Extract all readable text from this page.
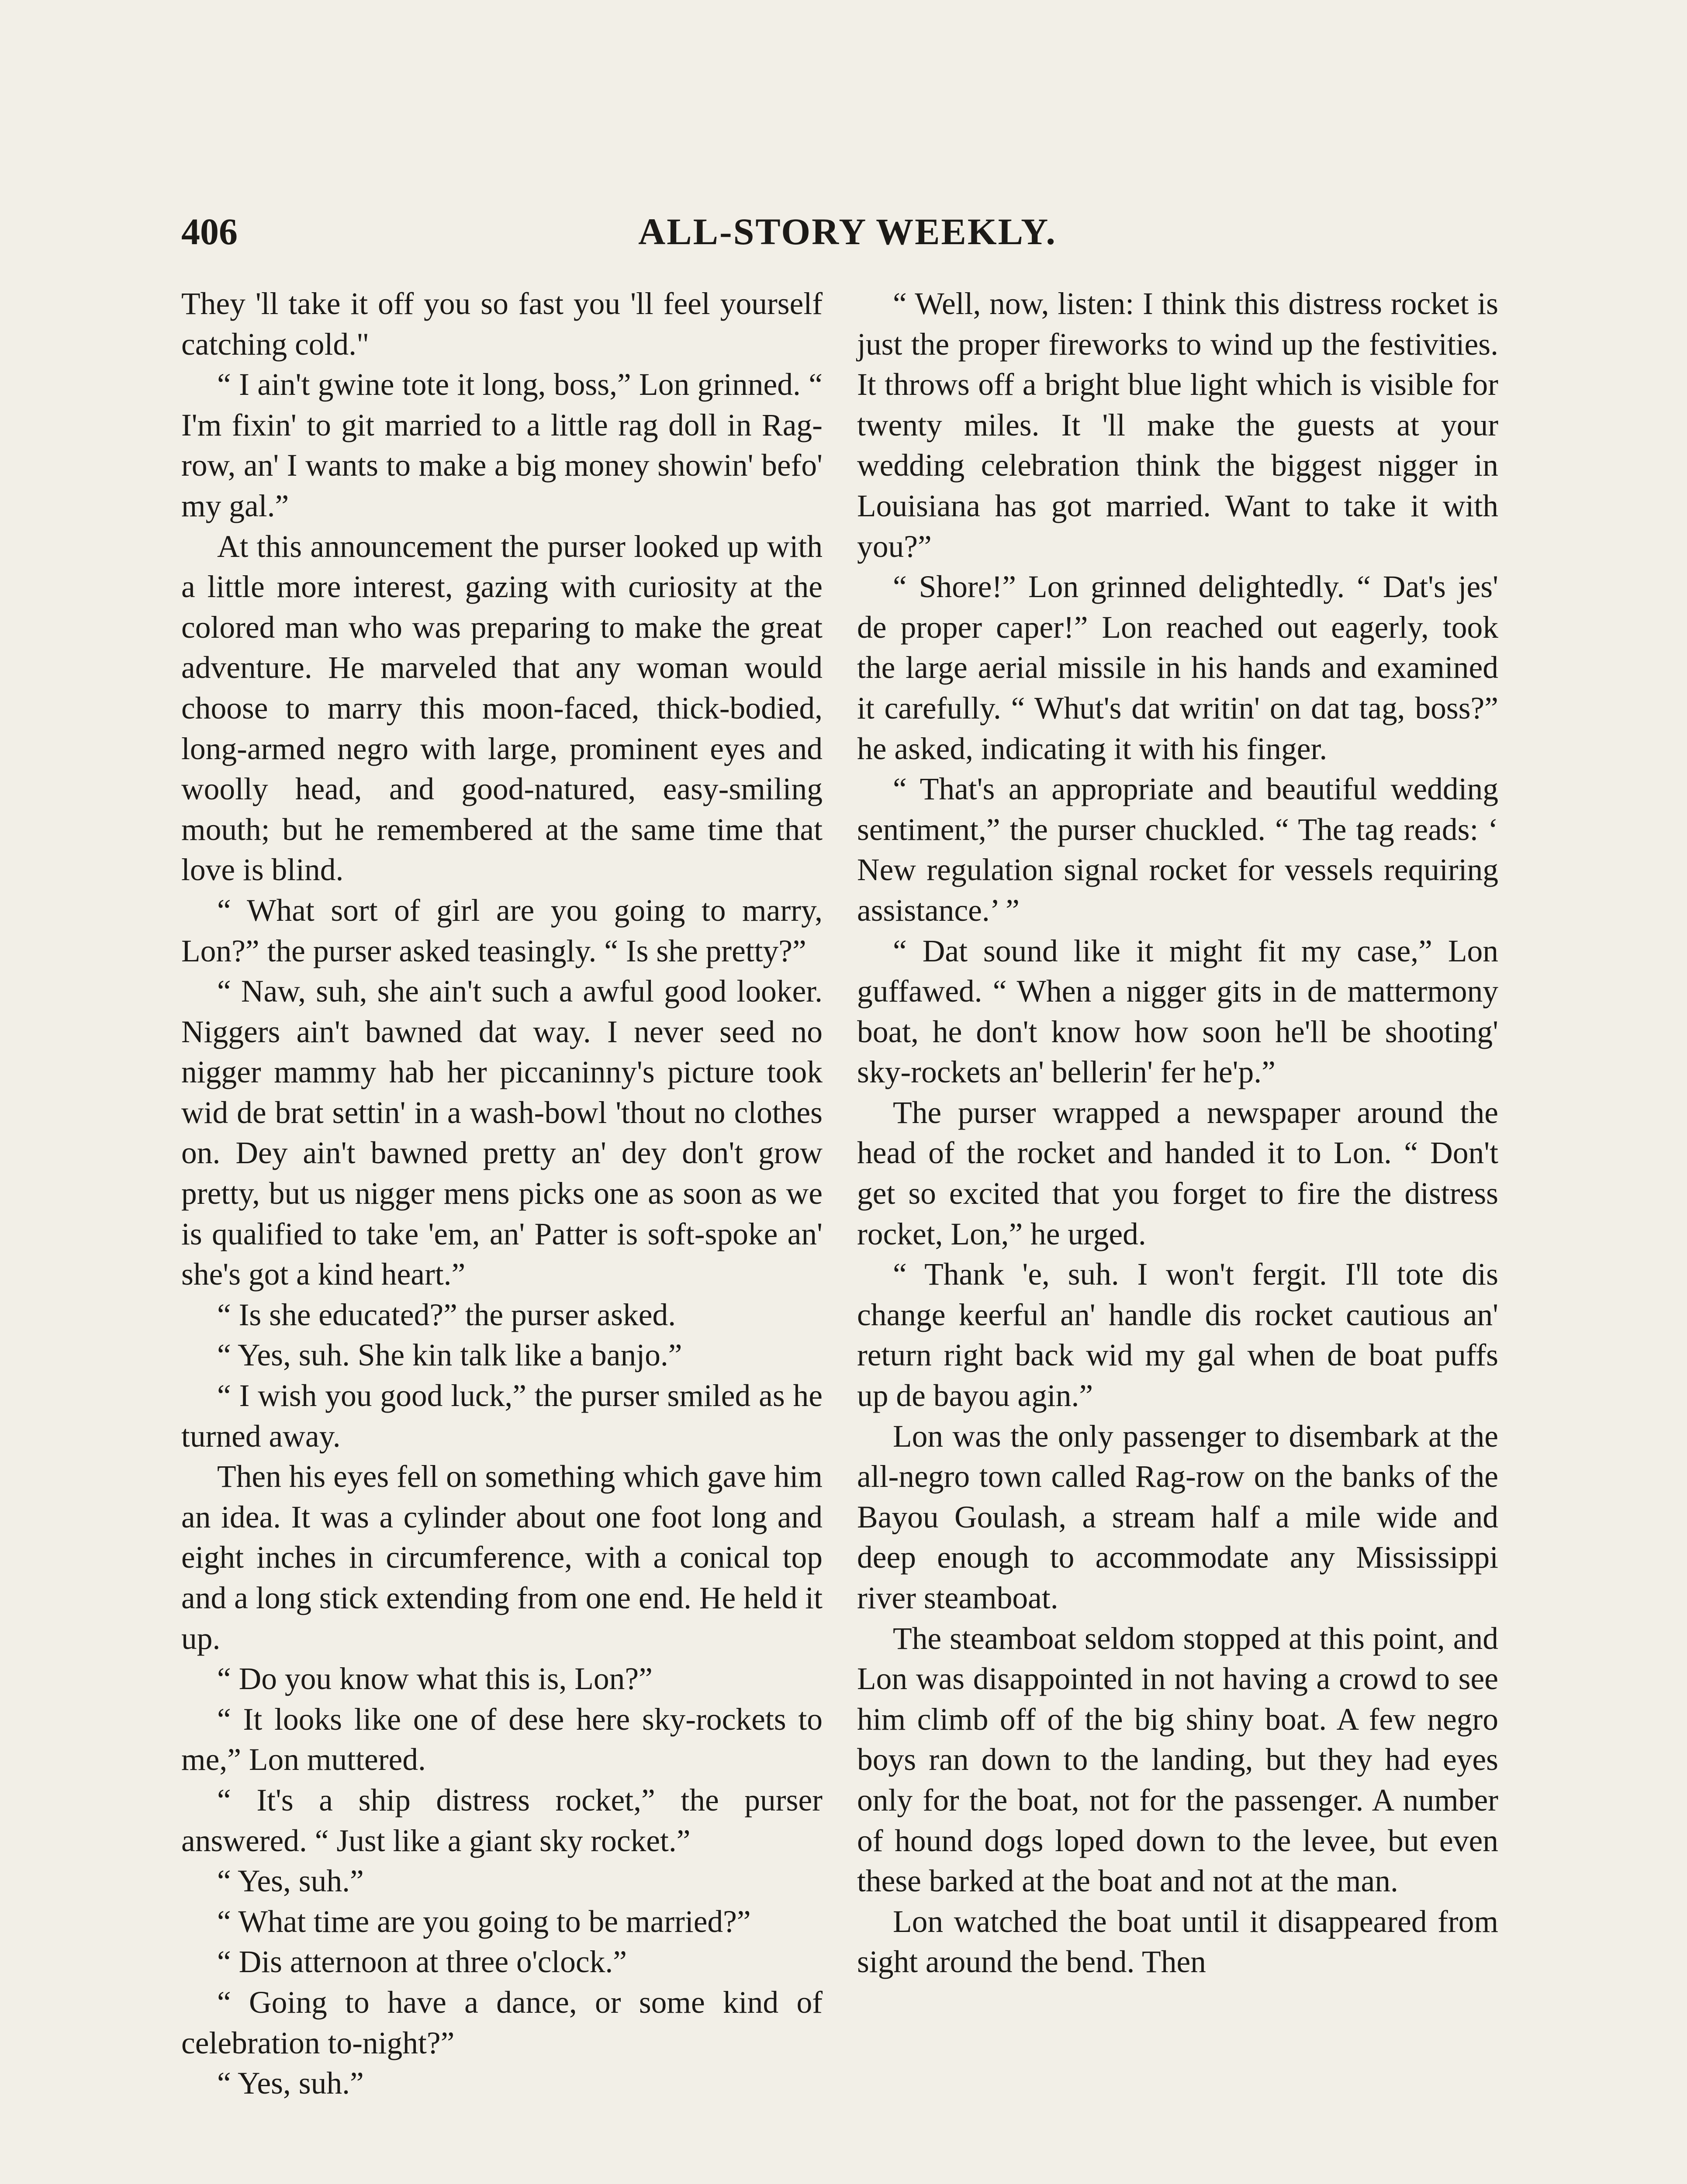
406	ALL-STORY WEEKLY.

They 'll take it off you so fast you 'll feel yourself catching cold."

“ I ain't gwine tote it long, boss,” Lon grinned. “ I'm fixin' to git married to a little rag doll in Rag-row, an' I wants to make a big money showin' befo' my gal.”

At this announcement the purser looked up with a little more interest, gazing with curiosity at the colored man who was preparing to make the great adventure. He marveled that any woman would choose to marry this moon-faced, thick-bodied, long-armed negro with large, prominent eyes and woolly head, and good-natured, easy-smiling mouth; but he remembered at the same time that love is blind.

“ What sort of girl are you going to marry, Lon?” the purser asked teasingly. “ Is she pretty?”

“ Naw, suh, she ain't such a awful good looker. Niggers ain't bawned dat way. I never seed no nigger mammy hab her piccaninny's picture took wid de brat settin' in a wash-bowl 'thout no clothes on. Dey ain't bawned pretty an' dey don't grow pretty, but us nigger mens picks one as soon as we is qualified to take 'em, an' Patter is soft-spoke an' she's got a kind heart.”

“ Is she educated?” the purser asked.

“ Yes, suh. She kin talk like a banjo.”

“ I wish you good luck,” the purser smiled as he turned away.

Then his eyes fell on something which gave him an idea. It was a cylinder about one foot long and eight inches in circumference, with a conical top and a long stick extending from one end. He held it up.

“ Do you know what this is, Lon?”

“ It looks like one of dese here sky-rockets to me,” Lon muttered.

“ It's a ship distress rocket,” the purser answered. “ Just like a giant sky rocket.”

“ Yes, suh.”

“ What time are you going to be married?”

“ Dis atternoon at three o'clock.”

“ Going to have a dance, or some kind of celebration to-night?”

“ Yes, suh.”

“ Well, now, listen: I think this distress rocket is just the proper fireworks to wind up the festivities. It throws off a bright blue light which is visible for twenty miles. It 'll make the guests at your wedding celebration think the biggest nigger in Louisiana has got married. Want to take it with you?”

“ Shore!” Lon grinned delightedly. “ Dat's jes' de proper caper!” Lon reached out eagerly, took the large aerial missile in his hands and examined it carefully. “ Whut's dat writin' on dat tag, boss?” he asked, indicating it with his finger.

“ That's an appropriate and beautiful wedding sentiment,” the purser chuckled. “ The tag reads: ‘ New regulation signal rocket for vessels requiring assistance.’ ”

“ Dat sound like it might fit my case,” Lon guffawed. “ When a nigger gits in de mattermony boat, he don't know how soon he'll be shooting' sky-rockets an' bellerin' fer he'p.”

The purser wrapped a newspaper around the head of the rocket and handed it to Lon. “ Don't get so excited that you forget to fire the distress rocket, Lon,” he urged.

“ Thank 'e, suh. I won't fergit. I'll tote dis change keerful an' handle dis rocket cautious an' return right back wid my gal when de boat puffs up de bayou agin.”

Lon was the only passenger to disembark at the all-negro town called Rag-row on the banks of the Bayou Goulash, a stream half a mile wide and deep enough to accommodate any Mississippi river steamboat.

The steamboat seldom stopped at this point, and Lon was disappointed in not having a crowd to see him climb off of the big shiny boat. A few negro boys ran down to the landing, but they had eyes only for the boat, not for the passenger. A number of hound dogs loped down to the levee, but even these barked at the boat and not at the man.

Lon watched the boat until it disappeared from sight around the bend. Then
